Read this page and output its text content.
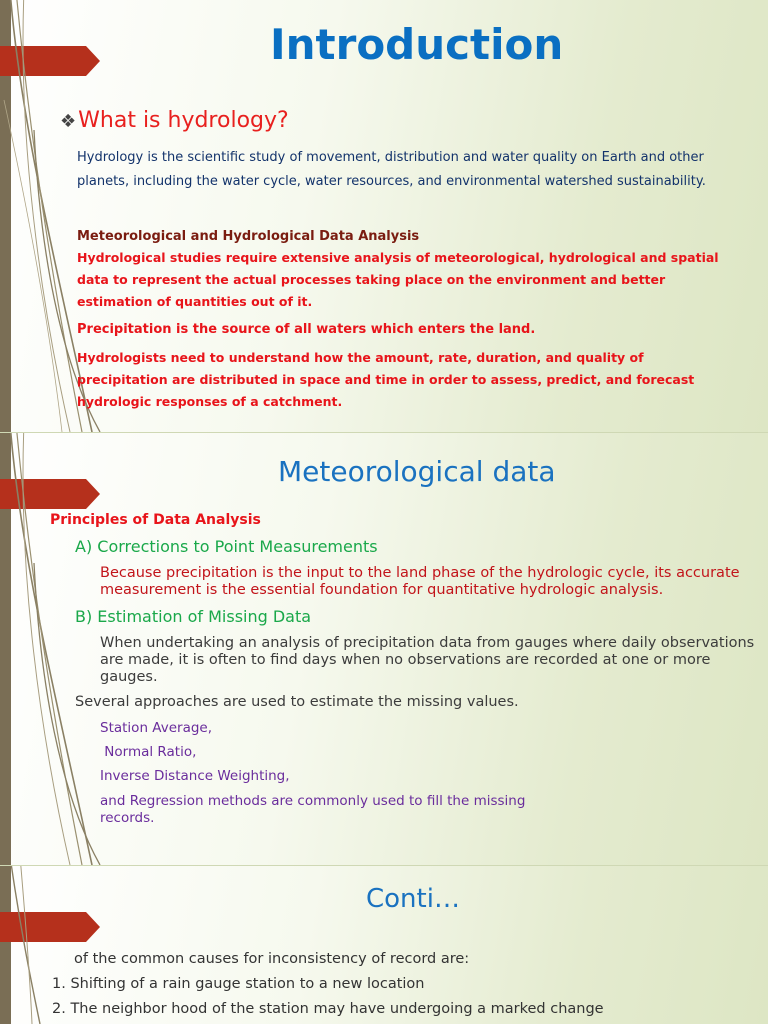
Introduction
❖What is hydrology?
Hydrology is the scientific study of movement, distribution and water quality on Earth and other planets, including the water cycle, water resources, and environmental watershed sustainability.
Meteorological and Hydrological Data Analysis
Hydrological studies require extensive analysis of meteorological, hydrological and spatial data to represent the actual processes taking place on the environment and better estimation of quantities out of it.
Precipitation is the source of all waters which enters the land.
Hydrologists need to understand how the amount, rate, duration, and quality of precipitation are distributed in space and time in order to assess, predict, and forecast hydrologic responses of a catchment.
Meteorological data
Principles of Data Analysis
A) Corrections to Point Measurements
Because precipitation is the input to the land phase of the hydrologic cycle, its accurate measurement is the essential foundation for quantitative hydrologic analysis.
B) Estimation of Missing Data
When undertaking an analysis of precipitation data from gauges where daily observations are made, it is often to find days when no observations are recorded at one or more gauges.
Several approaches are used to estimate the missing values.
Station Average,
Normal Ratio,
Inverse Distance Weighting,
and Regression methods are commonly used to fill the missing records.
Conti…
of the common causes for inconsistency of record are:
1. Shifting of a rain gauge station to a new location
2. The neighbor hood of the station may have undergoing a marked change
